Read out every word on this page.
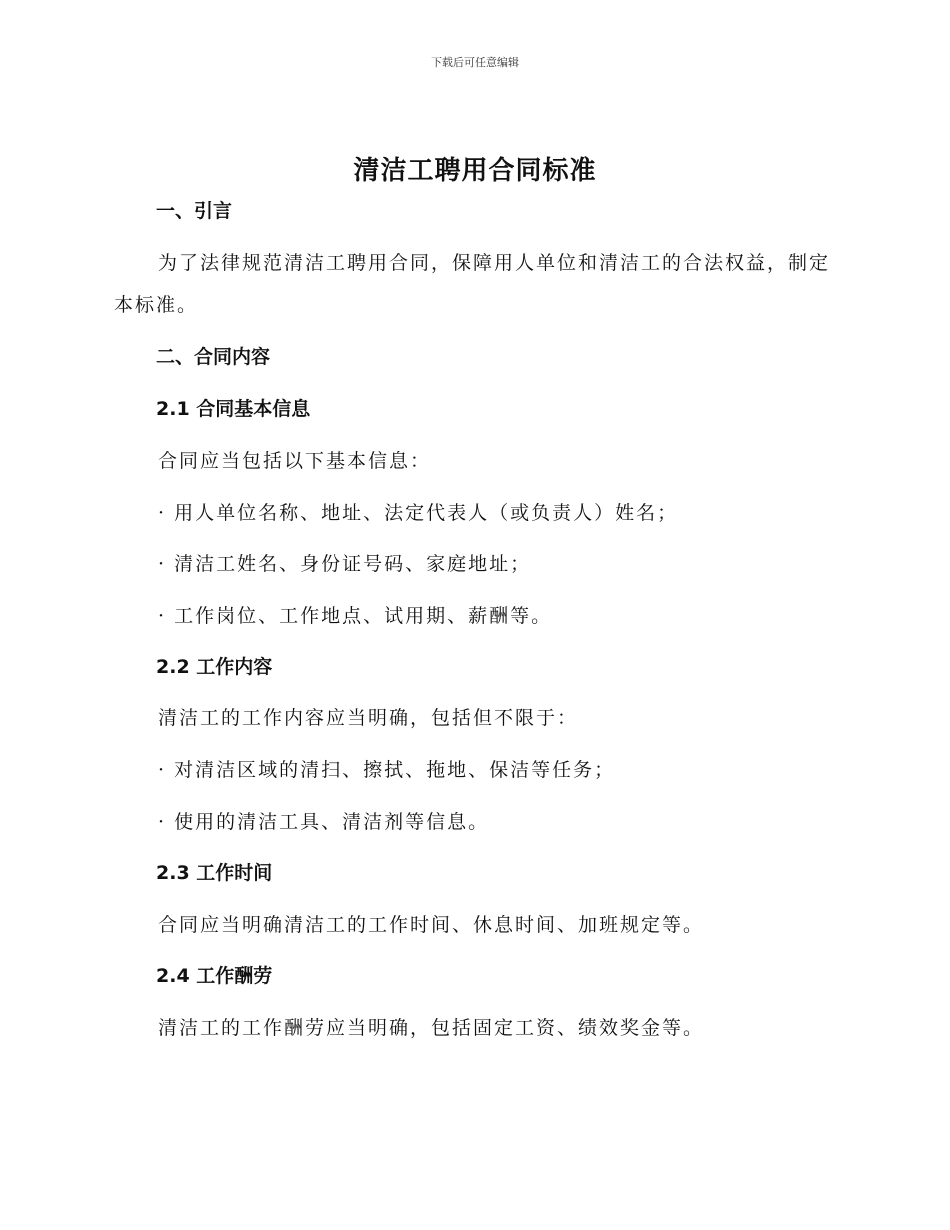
下载后可任意编辑
清洁工聘用合同标准
一、引言
为了法律规范清洁工聘用合同，保障用人单位和清洁工的合法权益，制定本标准。
二、合同内容
2.1 合同基本信息
合同应当包括以下基本信息：
· 用人单位名称、地址、法定代表人（或负责人）姓名；
· 清洁工姓名、身份证号码、家庭地址；
· 工作岗位、工作地点、试用期、薪酬等。
2.2 工作内容
清洁工的工作内容应当明确，包括但不限于：
· 对清洁区域的清扫、擦拭、拖地、保洁等任务；
· 使用的清洁工具、清洁剂等信息。
2.3 工作时间
合同应当明确清洁工的工作时间、休息时间、加班规定等。
2.4 工作酬劳
清洁工的工作酬劳应当明确，包括固定工资、绩效奖金等。
